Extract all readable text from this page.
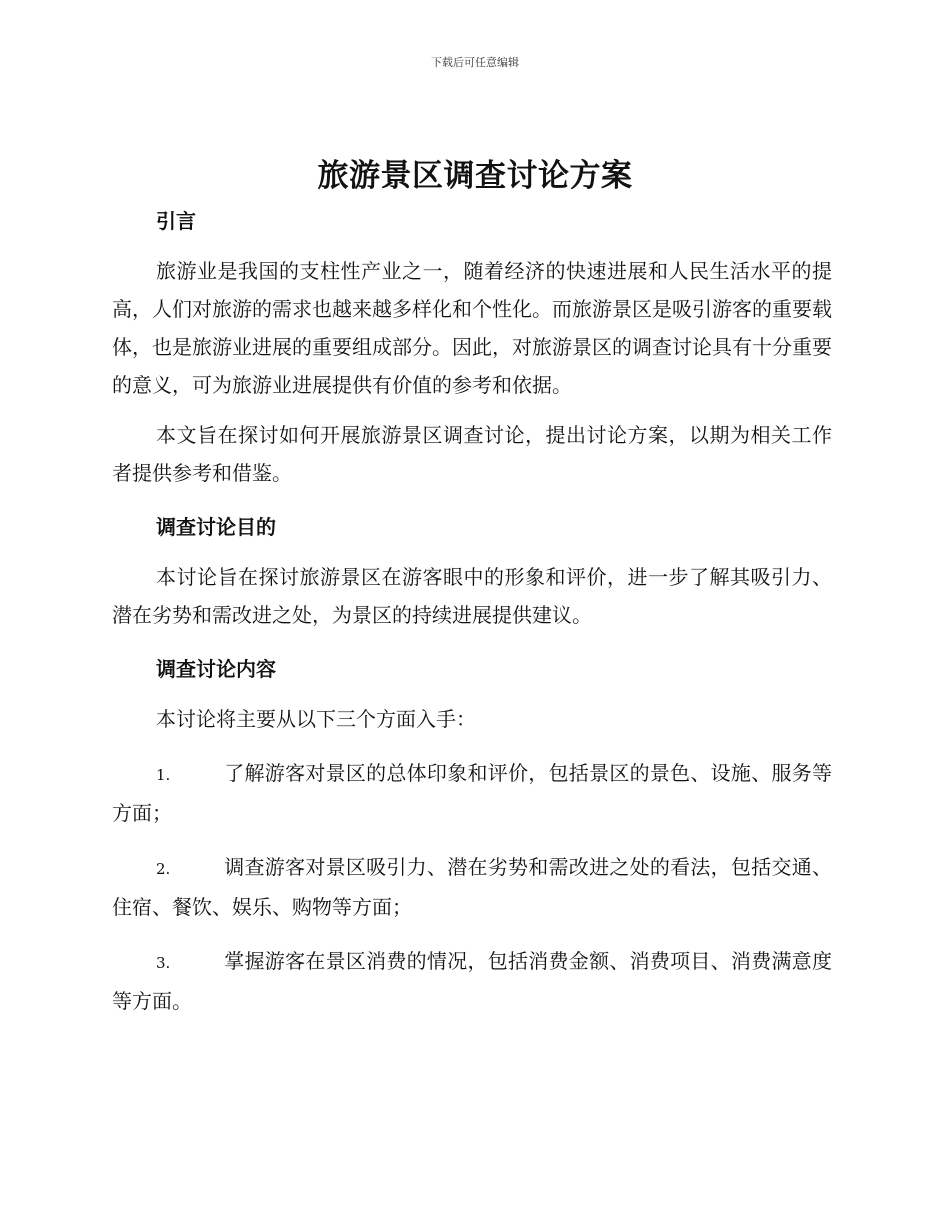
下载后可任意编辑
旅游景区调查讨论方案

引言

旅游业是我国的支柱性产业之一，随着经济的快速进展和人民生活水平的提高，人们对旅游的需求也越来越多样化和个性化。而旅游景区是吸引游客的重要载体，也是旅游业进展的重要组成部分。因此，对旅游景区的调查讨论具有十分重要的意义，可为旅游业进展提供有价值的参考和依据。

本文旨在探讨如何开展旅游景区调查讨论，提出讨论方案，以期为相关工作者提供参考和借鉴。

调查讨论目的

本讨论旨在探讨旅游景区在游客眼中的形象和评价，进一步了解其吸引力、潜在劣势和需改进之处，为景区的持续进展提供建议。

调查讨论内容

本讨论将主要从以下三个方面入手：

1.	了解游客对景区的总体印象和评价，包括景区的景色、设施、服务等方面；

2.	调查游客对景区吸引力、潜在劣势和需改进之处的看法，包括交通、住宿、餐饮、娱乐、购物等方面；

3.	掌握游客在景区消费的情况，包括消费金额、消费项目、消费满意度等方面。
